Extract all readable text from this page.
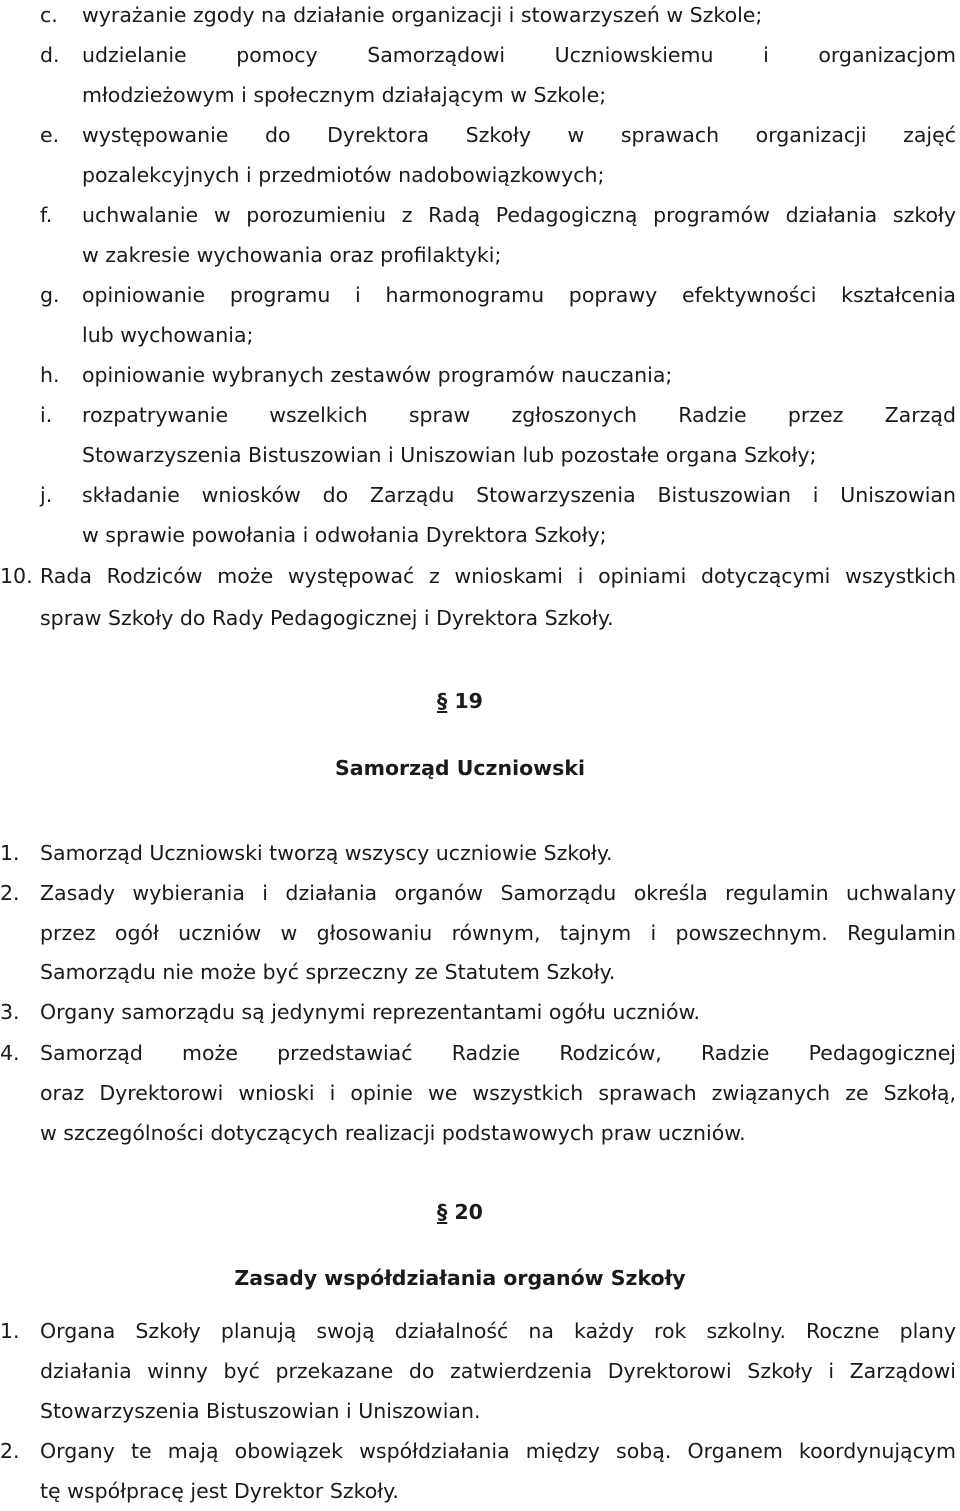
c. wyrażanie zgody na działanie organizacji i stowarzyszeń w Szkole;
d. udzielanie pomocy Samorządowi Uczniowskiemu i organizacjom
młodzieżowym i społecznym działającym w Szkole;
e. występowanie do Dyrektora Szkoły w sprawach organizacji zajęć
pozalekcyjnych i przedmiotów nadobowiązkowych;
f. uchwalanie w porozumieniu z Radą Pedagogiczną programów działania szkoły
w zakresie wychowania oraz profilaktyki;
g. opiniowanie programu i harmonogramu poprawy efektywności kształcenia
lub wychowania;
h. opiniowanie wybranych zestawów programów nauczania;
i. rozpatrywanie wszelkich spraw zgłoszonych Radzie przez Zarząd
Stowarzyszenia Bistuszowian i Uniszowian lub pozostałe organa Szkoły;
j. składanie wniosków do Zarządu Stowarzyszenia Bistuszowian i Uniszowian
w sprawie powołania i odwołania Dyrektora Szkoły;
10. Rada Rodziców może występować z wnioskami i opiniami dotyczącymi wszystkich
spraw Szkoły do Rady Pedagogicznej i Dyrektora Szkoły.
§ 19
Samorząd Uczniowski
1. Samorząd Uczniowski tworzą wszyscy uczniowie Szkoły.
2. Zasady wybierania i działania organów Samorządu określa regulamin uchwalany
przez ogół uczniów w głosowaniu równym, tajnym i powszechnym. Regulamin
Samorządu nie może być sprzeczny ze Statutem Szkoły.
3. Organy samorządu są jedynymi reprezentantami ogółu uczniów.
4. Samorząd może przedstawiać Radzie Rodziców, Radzie Pedagogicznej
oraz Dyrektorowi wnioski i opinie we wszystkich sprawach związanych ze Szkołą,
w szczególności dotyczących realizacji podstawowych praw uczniów.
§ 20
Zasady współdziałania organów Szkoły
1. Organa Szkoły planują swoją działalność na każdy rok szkolny. Roczne plany
działania winny być przekazane do zatwierdzenia Dyrektorowi Szkoły i Zarządowi
Stowarzyszenia Bistuszowian i Uniszowian.
2. Organy te mają obowiązek współdziałania między sobą. Organem koordynującym
tę współpracę jest Dyrektor Szkoły.
